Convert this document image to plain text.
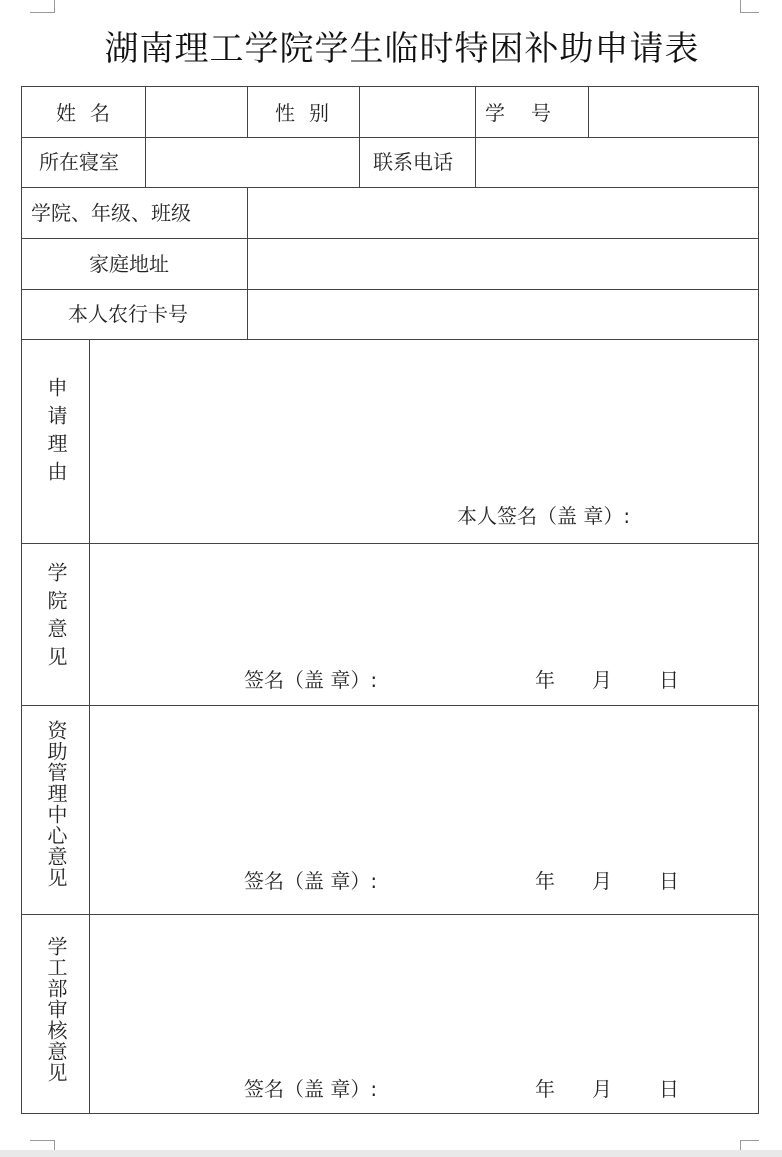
湖南理工学院学生临时特困补助申请表
姓名	性别	学号
所在寝室	联系电话
学院、年级、班级
家庭地址
本人农行卡号
申请理由
本人签名（盖 章）:
学院意见
签名（盖 章）:	年 月 日
资助管理中心意见	签名（盖 章）:	年 月 日
学工部审核意见
签名（盖 章）:	年 月 日
